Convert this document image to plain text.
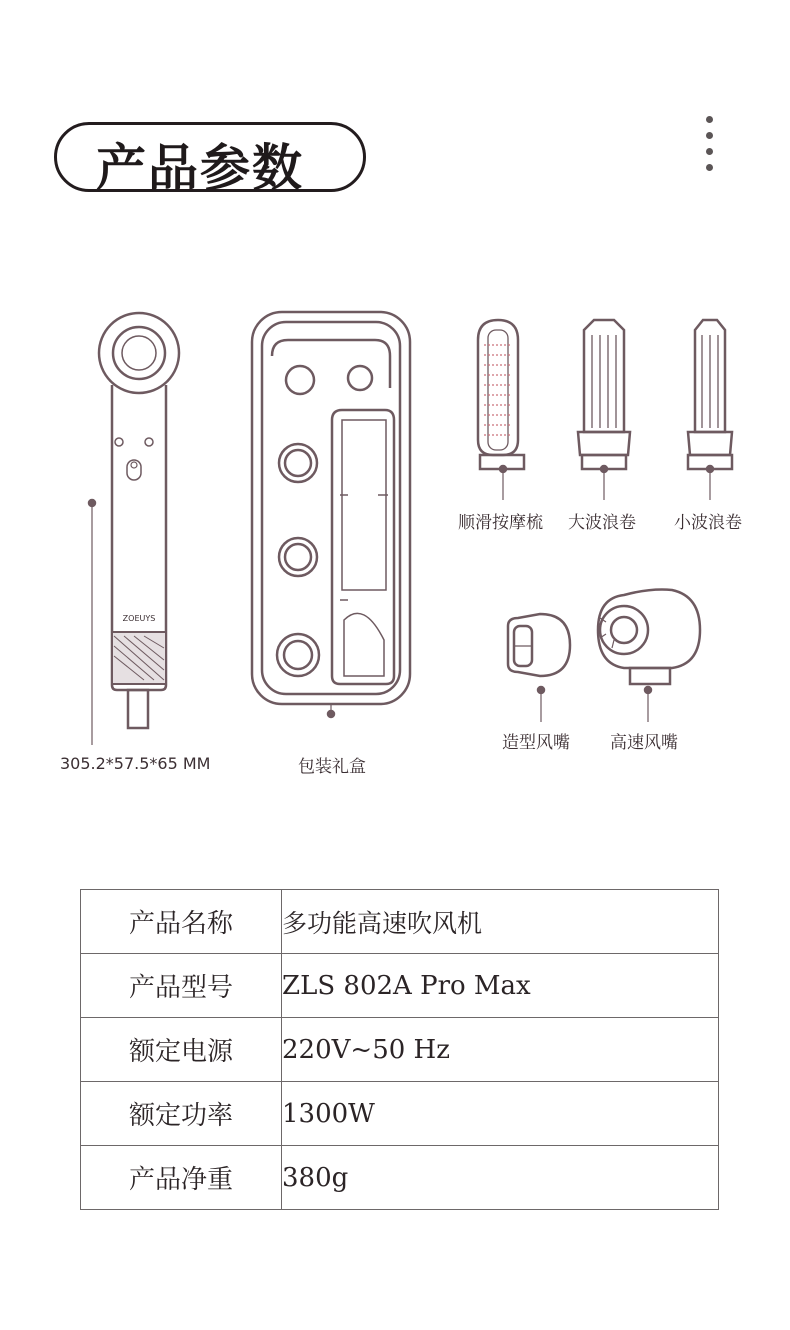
产品参数
ZOEUYS
305.2*57.5*65 MM	包装礼盒
顺滑按摩梳 大波浪卷 小波浪卷
造型风嘴 高速风嘴
产品名称	多功能高速吹风机
产品型号	ZLS 802A Pro Max
额定电源	220V~50 Hz
额定功率	1300W
产品净重	380g
